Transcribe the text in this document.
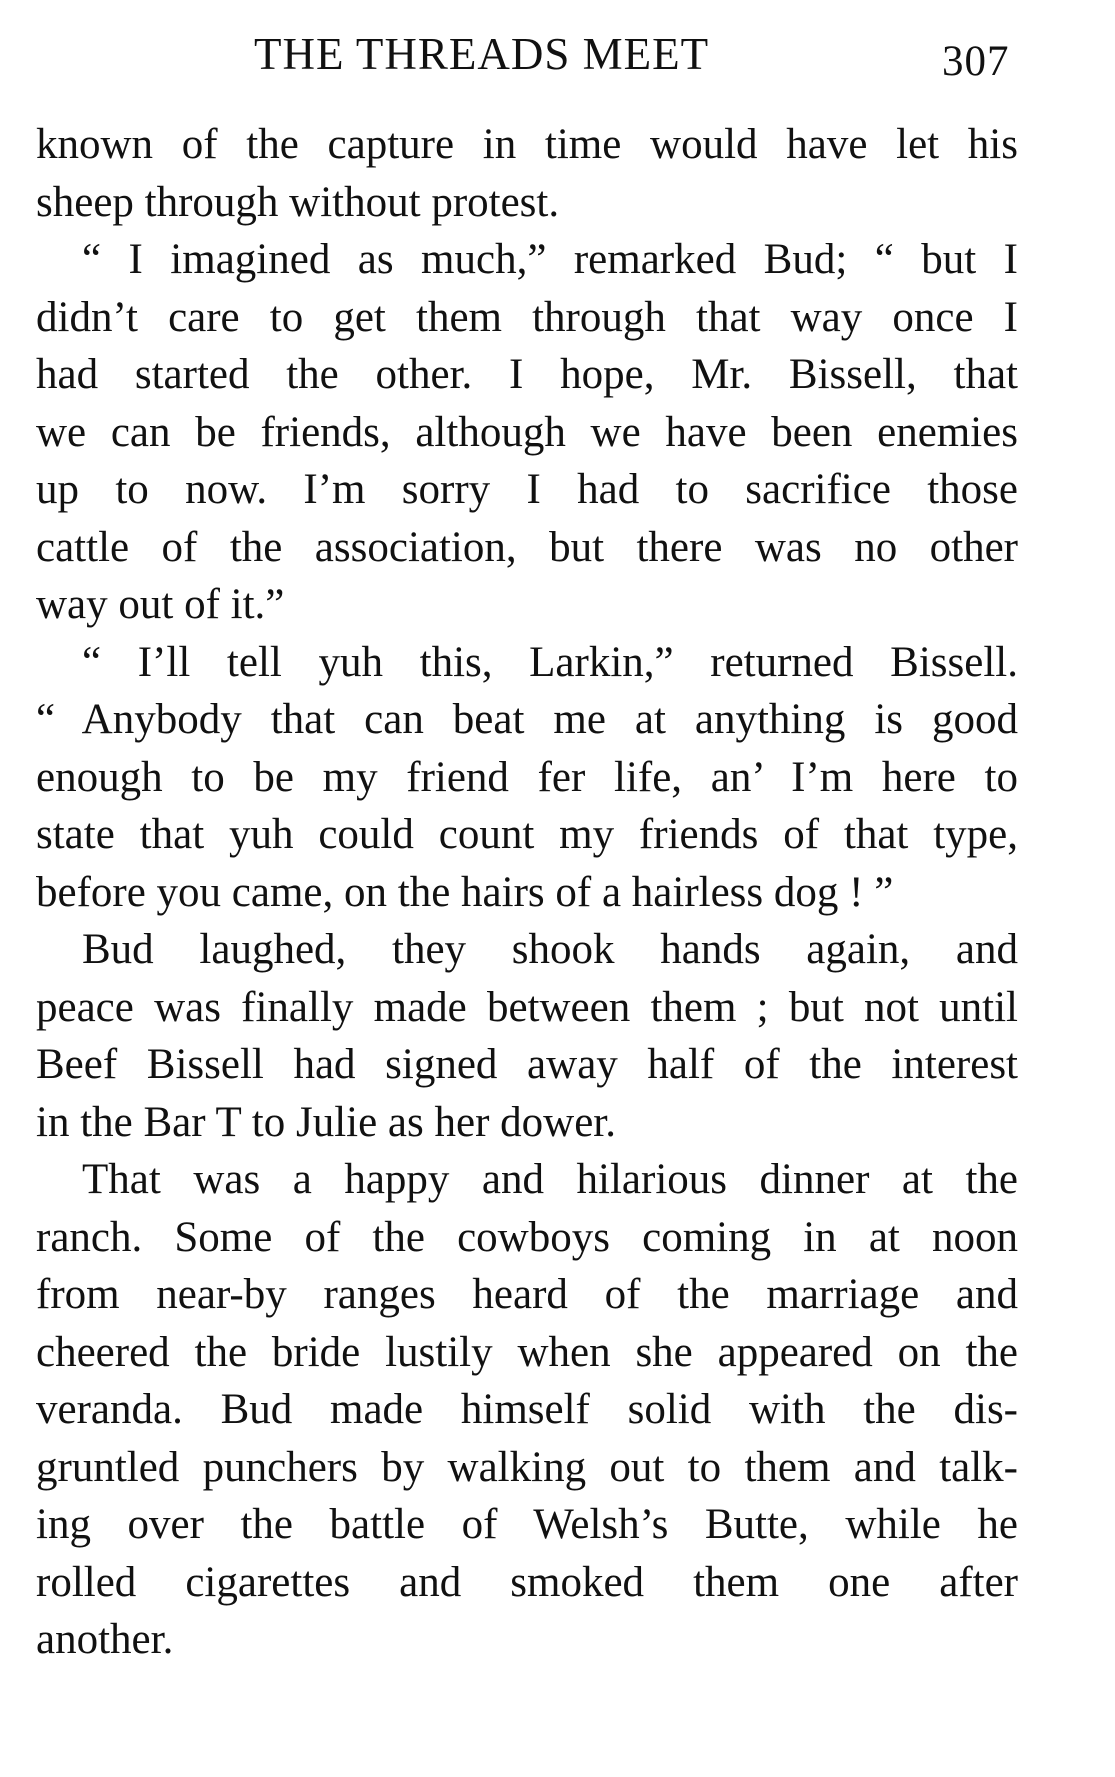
THE THREADS MEET	307
known of the capture in time would have let his
sheep through without protest.
“ I imagined as much,” remarked Bud; “ but I
didn’t care to get them through that way once I
had started the other. I hope, Mr. Bissell, that
we can be friends, although we have been enemies
up to now. I’m sorry I had to sacrifice those
cattle of the association, but there was no other
way out of it.”
“ I’ll tell yuh this, Larkin,” returned Bissell.
“ Anybody that can beat me at anything is good
enough to be my friend fer life, an’ I’m here to
state that yuh could count my friends of that type,
before you came, on the hairs of a hairless dog ! ”
Bud laughed, they shook hands again, and
peace was finally made between them ; but not until
Beef Bissell had signed away half of the interest
in the Bar T to Julie as her dower.
That was a happy and hilarious dinner at the
ranch. Some of the cowboys coming in at noon
from near-by ranges heard of the marriage and
cheered the bride lustily when she appeared on the
veranda. Bud made himself solid with the dis-
gruntled punchers by walking out to them and talk-
ing over the battle of Welsh’s Butte, while he
rolled cigarettes and smoked them one after
another.
